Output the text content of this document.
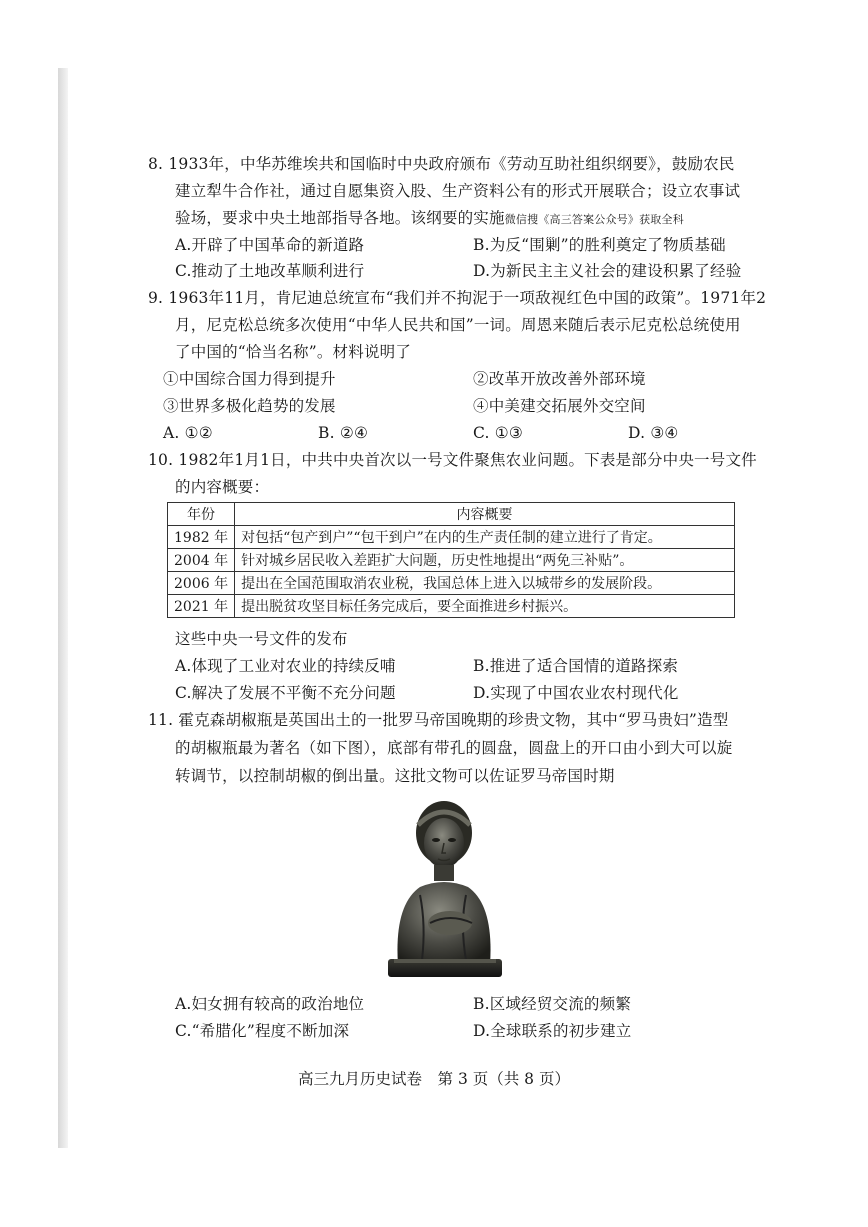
8. 1933年，中华苏维埃共和国临时中央政府颁布《劳动互助社组织纲要》，鼓励农民
建立犁牛合作社，通过自愿集资入股、生产资料公有的形式开展联合；设立农事试
验场，要求中央土地部指导各地。该纲要的实施微信搜《高三答案公众号》获取全科
A.开辟了中国革命的新道路	B.为反“围剿”的胜利奠定了物质基础
C.推动了土地改革顺利进行	D.为新民主主义社会的建设积累了经验
9. 1963年11月，肯尼迪总统宣布“我们并不拘泥于一项敌视红色中国的政策”。1971年2
月，尼克松总统多次使用“中华人民共和国”一词。周恩来随后表示尼克松总统使用
了中国的“恰当名称”。材料说明了
①中国综合国力得到提升	②改革开放改善外部环境
③世界多极化趋势的发展	④中美建交拓展外交空间
A. ①②	B. ②④	C. ①③	D. ③④
10. 1982年1月1日，中共中央首次以一号文件聚焦农业问题。下表是部分中央一号文件
的内容概要：
年份	内容概要
1982 年	对包括“包产到户”“包干到户”在内的生产责任制的建立进行了肯定。
2004 年	针对城乡居民收入差距扩大问题，历史性地提出“两免三补贴”。
2006 年	提出在全国范围取消农业税，我国总体上进入以城带乡的发展阶段。
2021 年	提出脱贫攻坚目标任务完成后，要全面推进乡村振兴。
这些中央一号文件的发布
A.体现了工业对农业的持续反哺	B.推进了适合国情的道路探索
C.解决了发展不平衡不充分问题	D.实现了中国农业农村现代化
11. 霍克森胡椒瓶是英国出土的一批罗马帝国晚期的珍贵文物，其中“罗马贵妇”造型
的胡椒瓶最为著名（如下图），底部有带孔的圆盘，圆盘上的开口由小到大可以旋
转调节，以控制胡椒的倒出量。这批文物可以佐证罗马帝国时期
A.妇女拥有较高的政治地位	B.区域经贸交流的频繁
C.“希腊化”程度不断加深	D.全球联系的初步建立
高三九月历史试卷　第 3 页（共 8 页）
